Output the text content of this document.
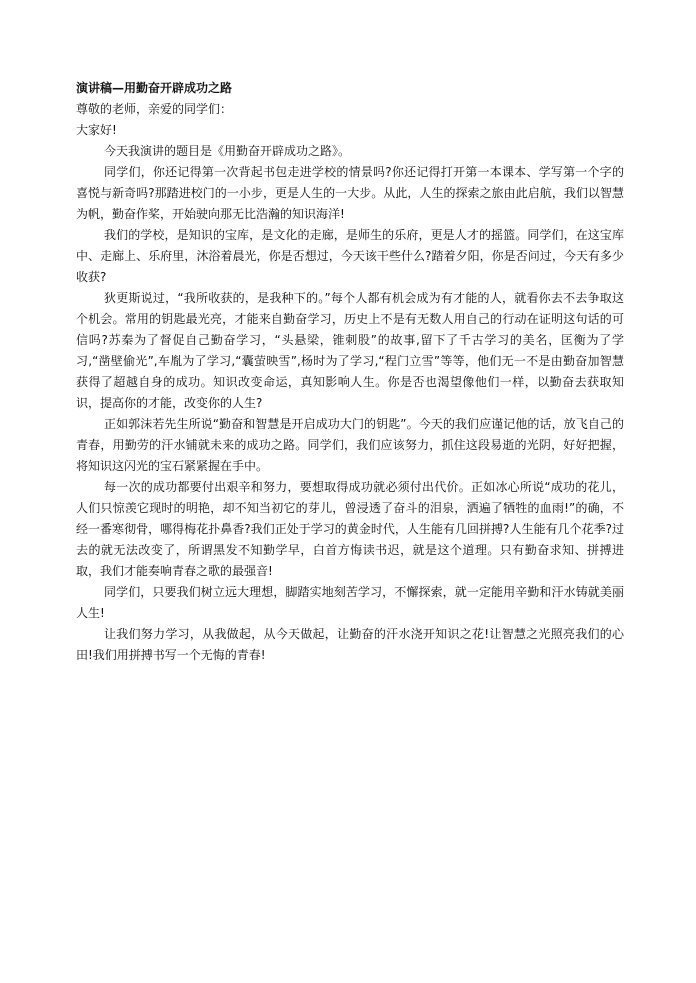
演讲稿—用勤奋开辟成功之路

尊敬的老师，亲爱的同学们：

大家好!

今天我演讲的题目是《用勤奋开辟成功之路》。

同学们，你还记得第一次背起书包走进学校的情景吗?你还记得打开第一本课本、学写第一个字的喜悦与新奇吗?那踏进校门的一小步，更是人生的一大步。从此，人生的探索之旅由此启航，我们以智慧为帆，勤奋作桨，开始驶向那无比浩瀚的知识海洋!

我们的学校，是知识的宝库，是文化的走廊，是师生的乐府，更是人才的摇篮。同学们，在这宝库中、走廊上、乐府里，沐浴着晨光，你是否想过，今天该干些什么?踏着夕阳，你是否问过，今天有多少收获?

狄更斯说过，“我所收获的，是我种下的。”每个人都有机会成为有才能的人，就看你去不去争取这个机会。常用的钥匙最光亮，才能来自勤奋学习，历史上不是有无数人用自己的行动在证明这句话的可信吗?苏秦为了督促自己勤奋学习，“头悬梁，锥刺股”的故事,留下了千古学习的美名，匡衡为了学习,“凿壁偷光”,车胤为了学习,“囊萤映雪”,杨时为了学习,“程门立雪”等等，他们无一不是由勤奋加智慧获得了超越自身的成功。知识改变命运，真知影响人生。你是否也渴望像他们一样，以勤奋去获取知识，提高你的才能，改变你的人生?

正如郭沫若先生所说“勤奋和智慧是开启成功大门的钥匙”。今天的我们应谨记他的话，放飞自己的青春，用勤劳的汗水铺就未来的成功之路。同学们，我们应该努力，抓住这段易逝的光阴，好好把握，将知识这闪光的宝石紧紧握在手中。

每一次的成功都要付出艰辛和努力，要想取得成功就必须付出代价。正如冰心所说“成功的花儿，人们只惊羡它现时的明艳，却不知当初它的芽儿，曾浸透了奋斗的泪泉，洒遍了牺牲的血雨!”的确，不经一番寒彻骨，哪得梅花扑鼻香?我们正处于学习的黄金时代，人生能有几回拼搏?人生能有几个花季?过去的就无法改变了，所谓黑发不知勤学早，白首方悔读书迟，就是这个道理。只有勤奋求知、拼搏进取，我们才能奏响青春之歌的最强音!

同学们，只要我们树立远大理想，脚踏实地刻苦学习，不懈探索，就一定能用辛勤和汗水铸就美丽人生!

让我们努力学习，从我做起，从今天做起，让勤奋的汗水浇开知识之花!让智慧之光照亮我们的心田!我们用拼搏书写一个无悔的青春!
